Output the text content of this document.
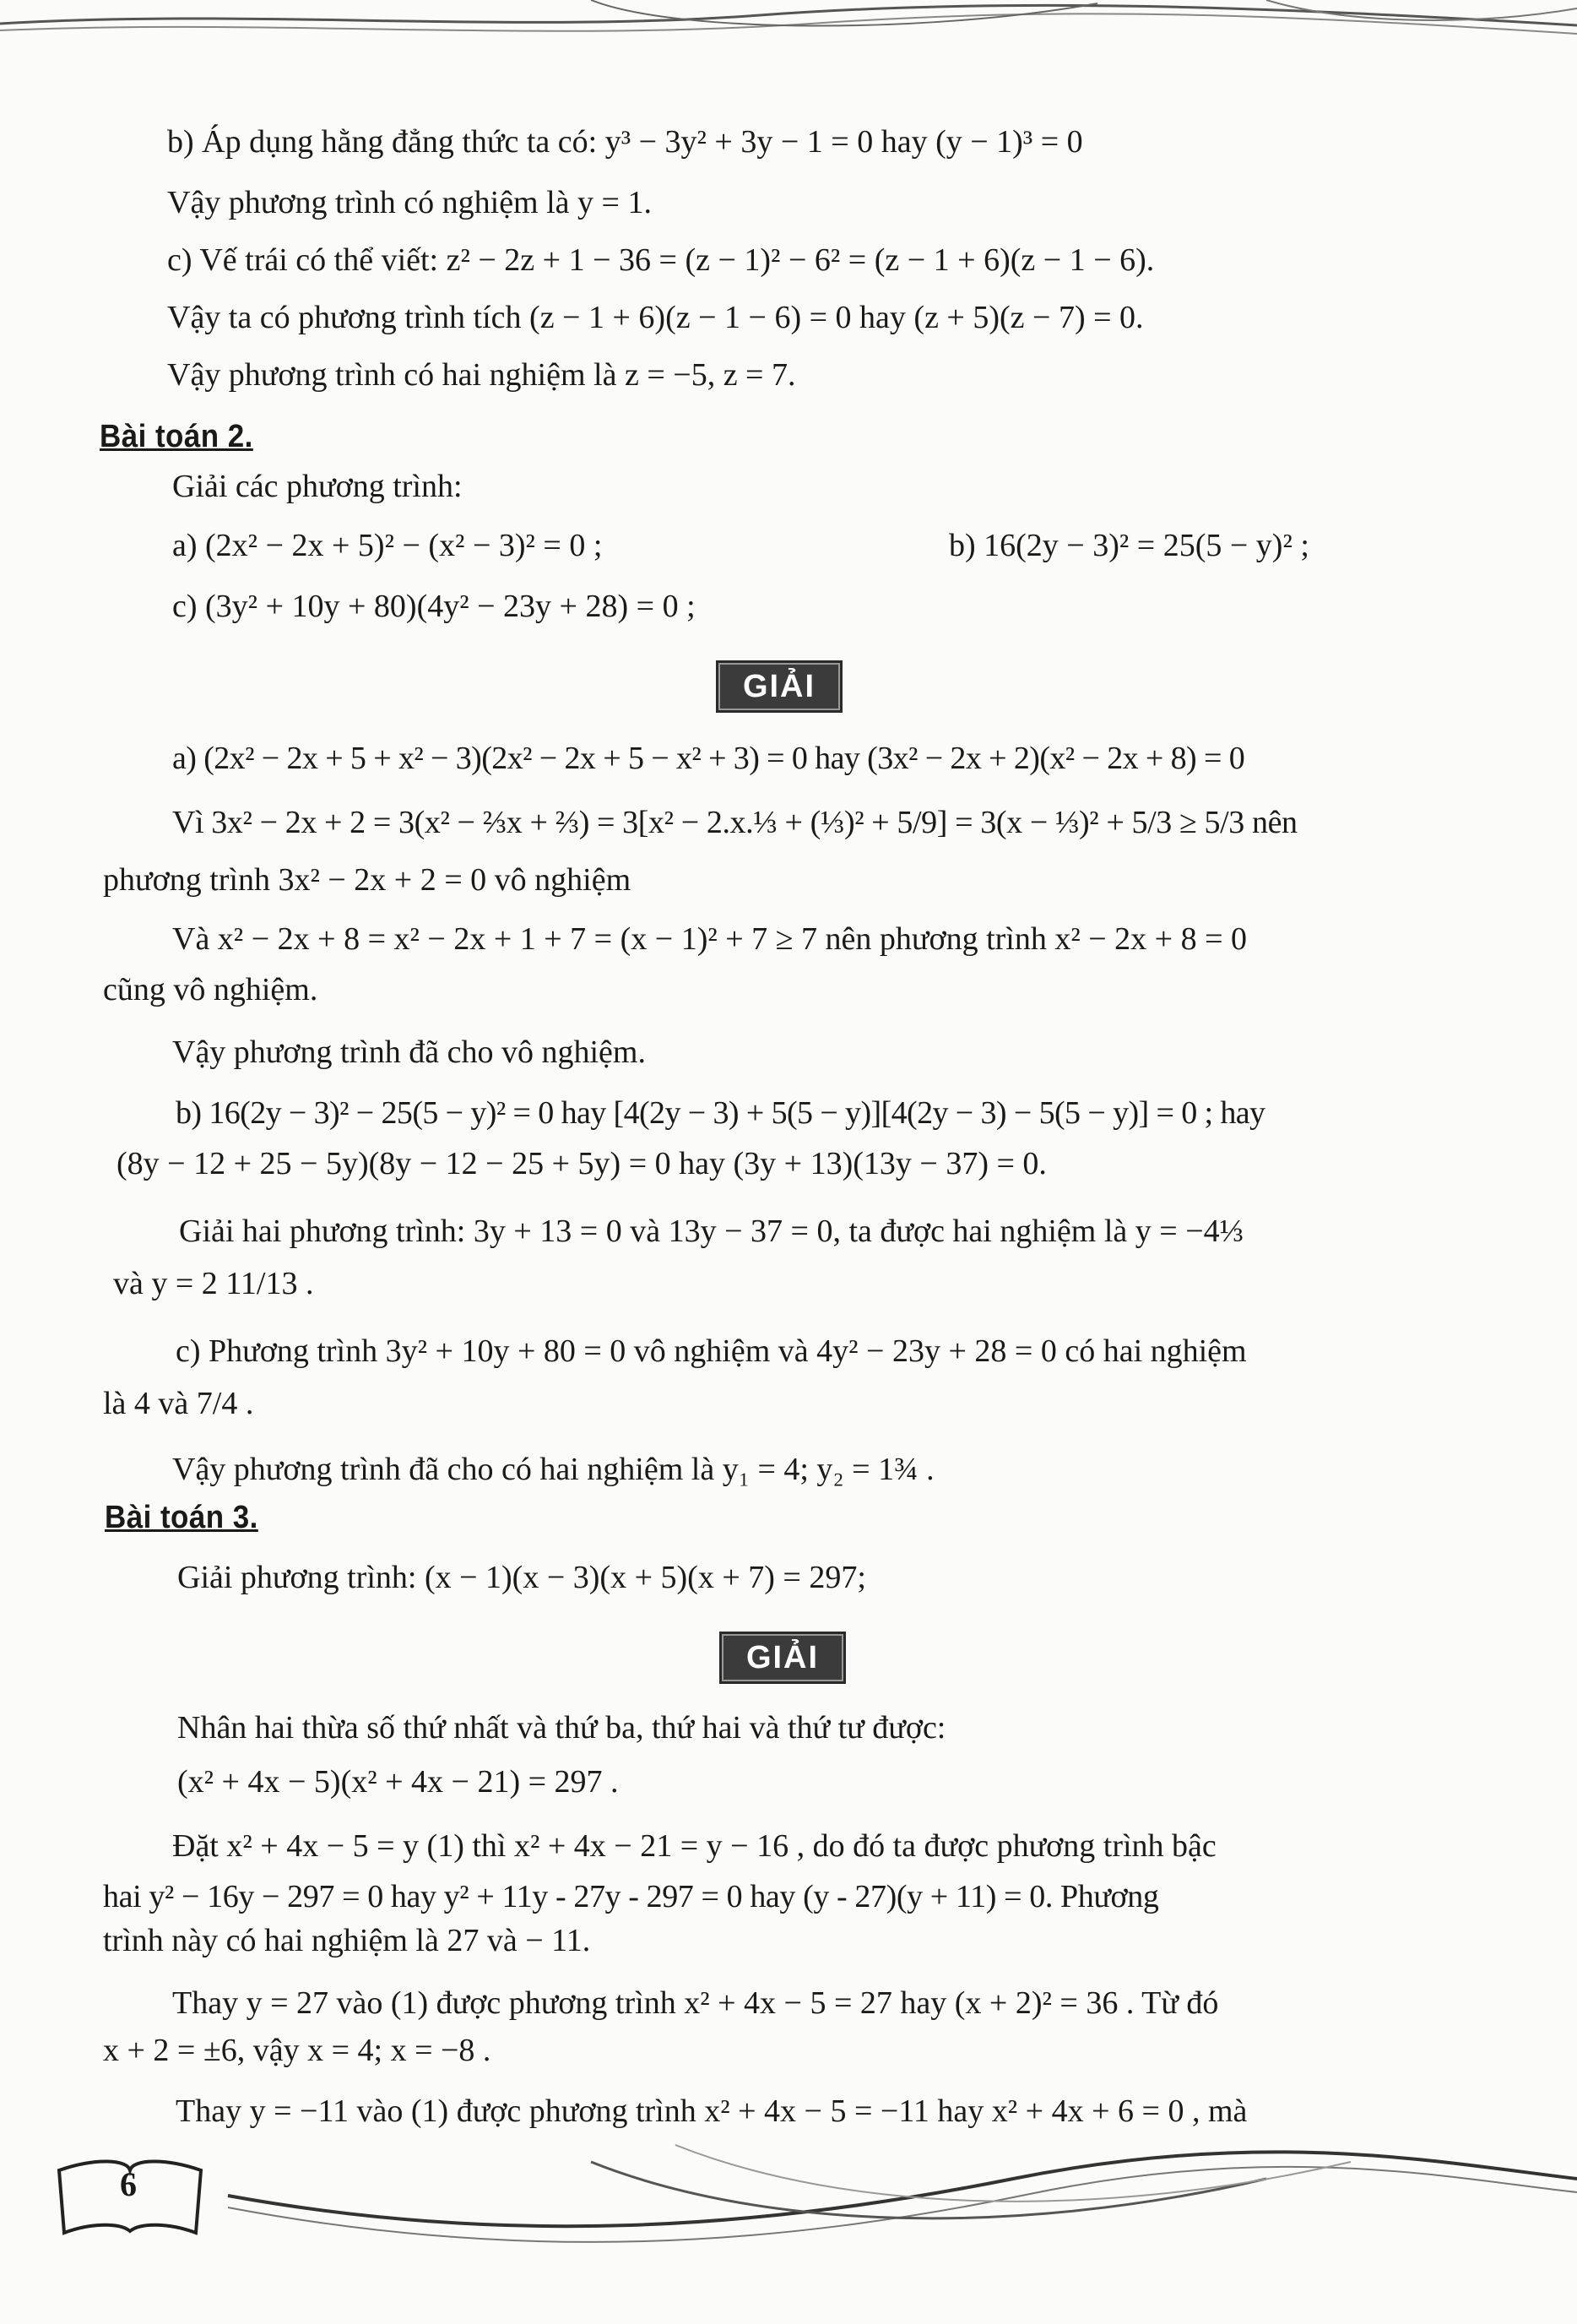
b) Áp dụng hằng đẳng thức ta có: y³ − 3y² + 3y − 1 = 0 hay (y − 1)³ = 0
Vậy phương trình có nghiệm là y = 1.
c) Vế trái có thể viết: z² − 2z + 1 − 36 = (z − 1)² − 6² = (z − 1 + 6)(z − 1 − 6).
Vậy ta có phương trình tích (z − 1 + 6)(z − 1 − 6) = 0 hay (z + 5)(z − 7) = 0.
Vậy phương trình có hai nghiệm là z = −5, z = 7.
Bài toán 2.
Giải các phương trình:
a) (2x² − 2x + 5)² − (x² − 3)² = 0 ;	b) 16(2y − 3)² = 25(5 − y)² ;
c) (3y² + 10y + 80)(4y² − 23y + 28) = 0 ;
GIẢI
a) (2x² − 2x + 5 + x² − 3)(2x² − 2x + 5 − x² + 3) = 0 hay (3x² − 2x + 2)(x² − 2x + 8) = 0
Vì 3x² − 2x + 2 = 3(x² − ⅔x + ⅔) = 3[x² − 2.x.⅓ + (⅓)² + 5/9] = 3(x − ⅓)² + 5/3 ≥ 5/3 nên
phương trình 3x² − 2x + 2 = 0 vô nghiệm
Và x² − 2x + 8 = x² − 2x + 1 + 7 = (x − 1)² + 7 ≥ 7 nên phương trình x² − 2x + 8 = 0
cũng vô nghiệm.
Vậy phương trình đã cho vô nghiệm.
b) 16(2y − 3)² − 25(5 − y)² = 0 hay [4(2y − 3) + 5(5 − y)][4(2y − 3) − 5(5 − y)] = 0 ; hay
(8y − 12 + 25 − 5y)(8y − 12 − 25 + 5y) = 0 hay (3y + 13)(13y − 37) = 0.
Giải hai phương trình: 3y + 13 = 0 và 13y − 37 = 0, ta được hai nghiệm là y = −4⅓
và y = 2 11/13 .
c) Phương trình 3y² + 10y + 80 = 0 vô nghiệm và 4y² − 23y + 28 = 0 có hai nghiệm
là 4 và 7/4 .
Vậy phương trình đã cho có hai nghiệm là y₁ = 4; y₂ = 1¾ .
Bài toán 3.
Giải phương trình: (x − 1)(x − 3)(x + 5)(x + 7) = 297;
GIẢI
Nhân hai thừa số thứ nhất và thứ ba, thứ hai và thứ tư được:
(x² + 4x − 5)(x² + 4x − 21) = 297 .
Đặt x² + 4x − 5 = y (1) thì x² + 4x − 21 = y − 16 , do đó ta được phương trình bậc
hai y² − 16y − 297 = 0 hay y² + 11y - 27y - 297 = 0 hay (y - 27)(y + 11) = 0. Phương
trình này có hai nghiệm là 27 và − 11.
Thay y = 27 vào (1) được phương trình x² + 4x − 5 = 27 hay (x + 2)² = 36 . Từ đó
x + 2 = ±6, vậy x = 4; x = −8 .
Thay y = −11 vào (1) được phương trình x² + 4x − 5 = −11 hay x² + 4x + 6 = 0 , mà
6
